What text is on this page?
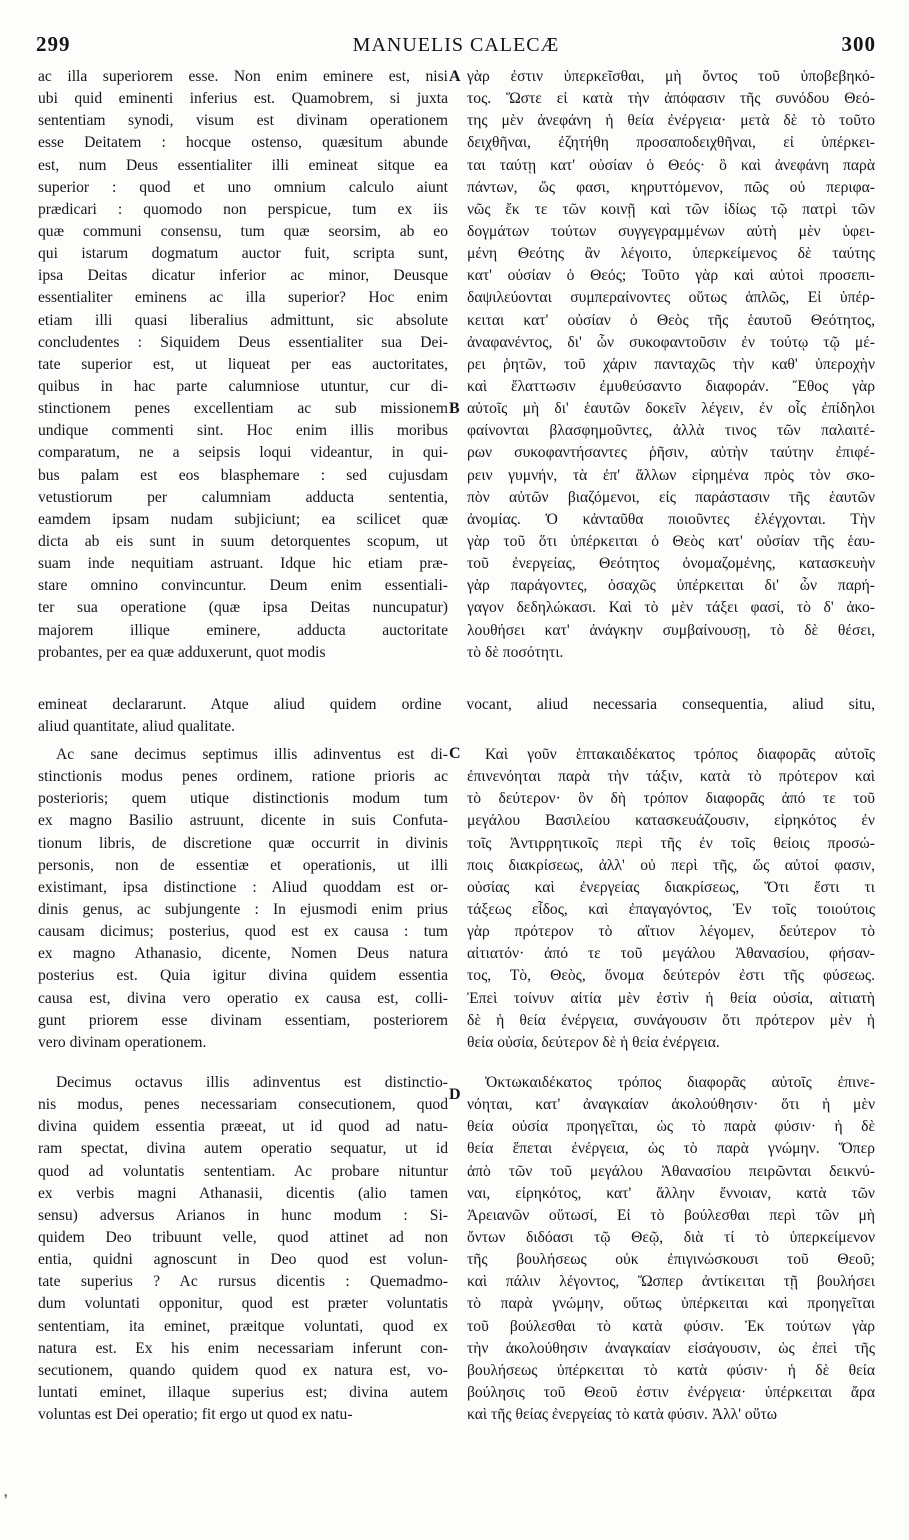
299	MANUELIS CALECÆ	300
ac illa superiorem esse. Non enim eminere est, nisi
ubi quid eminenti inferius est. Quamobrem, si juxta
sententiam synodi, visum est divinam operationem
esse Deitatem : hocque ostenso, quæsitum abunde
est, num Deus essentialiter illi emineat sitque ea
superior : quod et uno omnium calculo aiunt
prædicari : quomodo non perspicue, tum ex iis
quæ communi consensu, tum quæ seorsim, ab eo
qui istarum dogmatum auctor fuit, scripta sunt,
ipsa Deitas dicatur inferior ac minor, Deusque
essentialiter eminens ac illa superior? Hoc enim
etiam illi quasi liberalius admittunt, sic absolute
concludentes : Siquidem Deus essentialiter sua Dei-
tate superior est, ut liqueat per eas auctoritates,
quibus in hac parte calumniose utuntur, cur di-
stinctionem penes excellentiam ac sub missionem
undique commenti sint. Hoc enim illis moribus
comparatum, ne a seipsis loqui videantur, in qui-
bus palam est eos blasphemare : sed cujusdam
vetustiorum per calumniam adducta sententia,
eamdem ipsam nudam subjiciunt; ea scilicet quæ
dicta ab eis sunt in suum detorquentes scopum, ut
suam inde nequitiam astruant. Idque hic etiam præ-
stare omnino convincuntur. Deum enim essentiali-
ter sua operatione (quæ ipsa Deitas nuncupatur)
majorem illique eminere, adducta auctoritate
probantes, per ea quæ adduxerunt, quot modis
γὰρ ἐστιν ὑπερκεῖσθαι, μὴ ὄντος τοῦ ὑποβεβηκό-
τος. Ὥστε εἰ κατὰ τὴν ἀπόφασιν τῆς συνόδου Θεό-
της μὲν ἀνεφάνη ἡ θεία ἐνέργεια· μετὰ δὲ τὸ τοῦτο
δειχθῆναι, ἐζητήθη προσαποδειχθῆναι, εἰ ὑπέρκει-
ται ταύτῃ κατ' οὐσίαν ὁ Θεός· ὃ καὶ ἀνεφάνη παρὰ
πάντων, ὥς φασι, κηρυττόμενον, πῶς οὐ περιφα-
νῶς ἔκ τε τῶν κοινῇ καὶ τῶν ἰδίως τῷ πατρὶ τῶν
δογμάτων τούτων συγγεγραμμένων αὐτὴ μὲν ὑφει-
μένη Θεότης ἂν λέγοιτο, ὑπερκείμενος δὲ ταύτης
κατ' οὐσίαν ὁ Θεός; Τοῦτο γὰρ καὶ αὐτοὶ προσεπι-
δαψιλεύονται συμπεραίνοντες οὕτως ἁπλῶς, Εἰ ὑπέρ-
κειται κατ' οὐσίαν ὁ Θεὸς τῆς ἑαυτοῦ Θεότητος,
ἀναφανέντος, δι' ὧν συκοφαντοῦσιν ἐν τούτῳ τῷ μέ-
ρει ῥητῶν, τοῦ χάριν πανταχῶς τὴν καθ' ὑπεροχὴν
καὶ ἔλαττωσιν ἐμυθεύσαντο διαφοράν. Ἔθος γὰρ
αὐτοῖς μὴ δι' ἑαυτῶν δοκεῖν λέγειν, ἐν οἷς ἐπίδηλοι
φαίνονται βλασφημοῦντες, ἀλλὰ τινος τῶν παλαιτέ-
ρων συκοφαντήσαντες ῥῆσιν, αὐτὴν ταύτην ἐπιφέ-
ρειν γυμνήν, τὰ ἐπ' ἄλλων εἰρημένα πρὸς τὸν σκο-
πὸν αὐτῶν βιαζόμενοι, εἰς παράστασιν τῆς ἑαυτῶν
ἀνομίας. Ὁ κἀνταῦθα ποιοῦντες ἐλέγχονται. Τὴν
γὰρ τοῦ ὅτι ὑπέρκειται ὁ Θεὸς κατ' οὐσίαν τῆς ἑαυ-
τοῦ ἐνεργείας, Θεότητος ὀνομαζομένης, κατασκευὴν
γὰρ παράγοντες, ὁσαχῶς ὑπέρκειται δι' ὧν παρή-
γαγον δεδηλώκασι. Καὶ τὸ μὲν τάξει φασί, τὸ δ' ἀκο-
λουθήσει κατ' ἀνάγκην συμβαίνουσῃ, τὸ δὲ θέσει,
τὸ δὲ ποσότητι.
A
B
C
D
emineat declararunt. Atque aliud quidem ordine vocant, aliud necessaria consequentia, aliud situ,
aliud quantitate, aliud qualitate.
Ac sane decimus septimus illis adinventus est di-
stinctionis modus penes ordinem, ratione prioris ac
posterioris; quem utique distinctionis modum tum
ex magno Basilio astruunt, dicente in suis Confuta-
tionum libris, de discretione quæ occurrit in divinis
personis, non de essentiæ et operationis, ut illi
existimant, ipsa distinctione : Aliud quoddam est or-
dinis genus, ac subjungente : In ejusmodi enim prius
causam dicimus; posterius, quod est ex causa : tum
ex magno Athanasio, dicente, Nomen Deus natura
posterius est. Quia igitur divina quidem essentia
causa est, divina vero operatio ex causa est, colli-
gunt priorem esse divinam essentiam, posteriorem
vero divinam operationem.
Καὶ γοῦν ἑπτακαιδέκατος τρόπος διαφορᾶς αὐτοῖς
ἐπινενόηται παρὰ τὴν τάξιν, κατὰ τὸ πρότερον καὶ
τὸ δεύτερον· ὃν δὴ τρόπον διαφορᾶς ἀπό τε τοῦ
μεγάλου Βασιλείου κατασκευάζουσιν, εἰρηκότος ἐν
τοῖς Ἀντιρρητικοῖς περὶ τῆς ἐν τοῖς θείοις προσώ-
ποις διακρίσεως, ἀλλ' οὐ περὶ τῆς, ὥς αὐτοί φασιν,
οὐσίας καὶ ἐνεργείας διακρίσεως, Ὅτι ἔστι τι
τάξεως εἶδος, καὶ ἐπαγαγόντος, Ἐν τοῖς τοιούτοις
γὰρ πρότερον τὸ αἴτιον λέγομεν, δεύτερον τὸ
αἰτιατόν· ἀπό τε τοῦ μεγάλου Ἀθανασίου, φήσαν-
τος, Τὸ, Θεὸς, ὄνομα δεύτερόν ἐστι τῆς φύσεως.
Ἐπεὶ τοίνυν αἰτία μὲν ἐστὶν ἡ θεία οὐσία, αἰτιατὴ
δὲ ἡ θεία ἐνέργεια, συνάγουσιν ὅτι πρότερον μὲν ἡ
θεία οὐσία, δεύτερον δὲ ἡ θεία ἐνέργεια.
Decimus octavus illis adinventus est distinctio-
nis modus, penes necessariam consecutionem, quod
divina quidem essentia præeat, ut id quod ad natu-
ram spectat, divina autem operatio sequatur, ut id
quod ad voluntatis sententiam. Ac probare nituntur
ex verbis magni Athanasii, dicentis (alio tamen
sensu) adversus Arianos in hunc modum : Si-
quidem Deo tribuunt velle, quod attinet ad non
entia, quidni agnoscunt in Deo quod est volun-
tate superius ? Ac rursus dicentis : Quemadmo-
dum voluntati opponitur, quod est præter voluntatis
sententiam, ita eminet, præitque voluntati, quod ex
natura est. Ex his enim necessariam inferunt con-
secutionem, quando quidem quod ex natura est, vo-
luntati eminet, illaque superius est; divina autem
voluntas est Dei operatio; fit ergo ut quod ex natu-
Ὀκτωκαιδέκατος τρόπος διαφορᾶς αὐτοῖς ἐπινε-
νόηται, κατ' ἀναγκαίαν ἀκολούθησιν· ὅτι ἡ μὲν
θεία οὐσία προηγεῖται, ὡς τὸ παρὰ φύσιν· ἡ δὲ
θεία ἕπεται ἐνέργεια, ὡς τὸ παρὰ γνώμην. Ὅπερ
ἀπὸ τῶν τοῦ μεγάλου Ἀθανασίου πειρῶνται δεικνύ-
ναι, εἰρηκότος, κατ' ἄλλην ἔννοιαν, κατὰ τῶν
Ἀρειανῶν οὕτωσί, Εἰ τὸ βούλεσθαι περὶ τῶν μὴ
ὄντων διδόασι τῷ Θεῷ, διὰ τί τὸ ὑπερκείμενον
τῆς βουλήσεως οὐκ ἐπιγινώσκουσι τοῦ Θεοῦ;
καὶ πάλιν λέγοντος, Ὥσπερ ἀντίκειται τῇ βουλήσει
τὸ παρὰ γνώμην, οὕτως ὑπέρκειται καὶ προηγεῖται
τοῦ βούλεσθαι τὸ κατὰ φύσιν. Ἐκ τούτων γὰρ
τὴν ἀκολούθησιν ἀναγκαίαν εἰσάγουσιν, ὡς ἐπεὶ τῆς
βουλήσεως ὑπέρκειται τὸ κατὰ φύσιν· ἡ δὲ θεία
βούλησις τοῦ Θεοῦ ἐστιν ἐνέργεια· ὑπέρκειται ἄρα
καὶ τῆς θείας ἐνεργείας τὸ κατὰ φύσιν. Ἀλλ' οὕτω
❜
